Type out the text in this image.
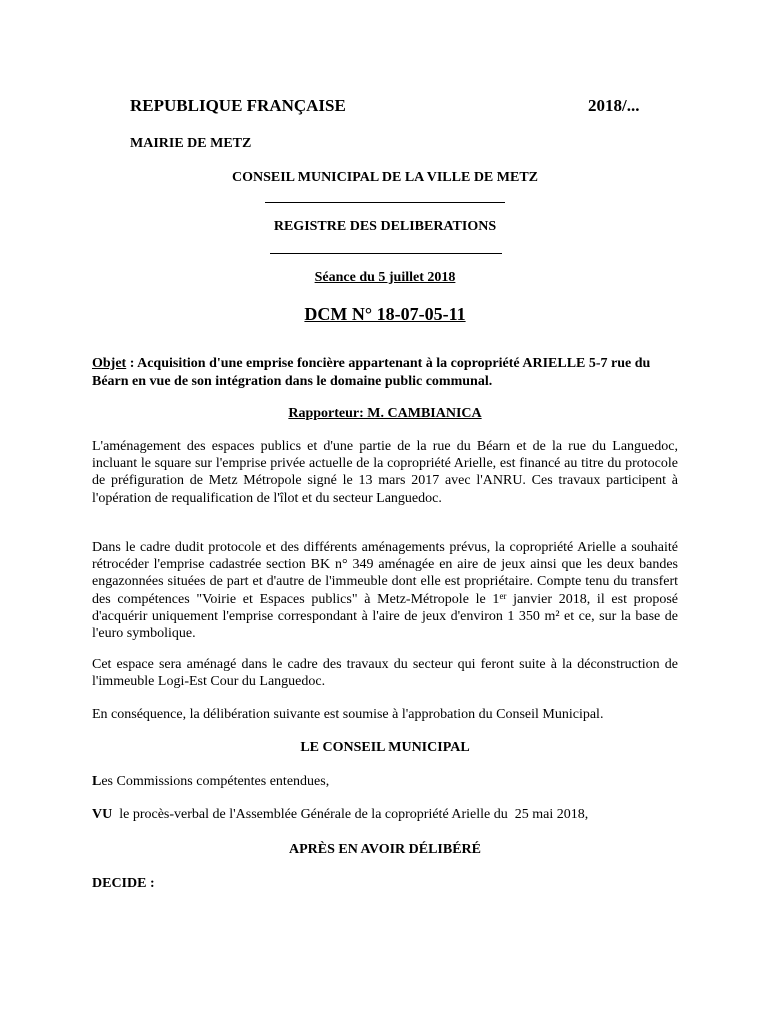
REPUBLIQUE FRANÇAISE	2018/...
MAIRIE DE METZ
CONSEIL MUNICIPAL DE LA VILLE DE METZ
REGISTRE DES DELIBERATIONS
Séance du 5 juillet 2018
DCM N° 18-07-05-11
Objet : Acquisition d'une emprise foncière appartenant à la copropriété ARIELLE 5-7 rue du Béarn en vue de son intégration dans le domaine public communal.
Rapporteur: M. CAMBIANICA
L'aménagement des espaces publics et d'une partie de la rue du Béarn et de la rue du Languedoc, incluant le square sur l'emprise privée actuelle de la copropriété Arielle, est financé au titre du protocole de préfiguration de Metz Métropole signé le 13 mars 2017 avec l'ANRU. Ces travaux participent à l'opération de requalification de l'îlot et du secteur Languedoc.
Dans le cadre dudit protocole et des différents aménagements prévus, la copropriété Arielle a souhaité rétrocéder l'emprise cadastrée section BK n° 349 aménagée en aire de jeux ainsi que les deux bandes engazonnées situées de part et d'autre de l'immeuble dont elle est propriétaire. Compte tenu du transfert des compétences "Voirie et Espaces publics" à Metz-Métropole le 1er janvier 2018, il est proposé d'acquérir uniquement l'emprise correspondant à l'aire de jeux d'environ 1 350 m² et ce, sur la base de l'euro symbolique.
Cet espace sera aménagé dans le cadre des travaux du secteur qui feront suite à la déconstruction de l'immeuble Logi-Est Cour du Languedoc.
En conséquence, la délibération suivante est soumise à l'approbation du Conseil Municipal.
LE CONSEIL MUNICIPAL
Les Commissions compétentes entendues,
VU  le procès-verbal de l'Assemblée Générale de la copropriété Arielle du  25 mai 2018,
APRÈS EN AVOIR DÉLIBÉRÉ
DECIDE :
